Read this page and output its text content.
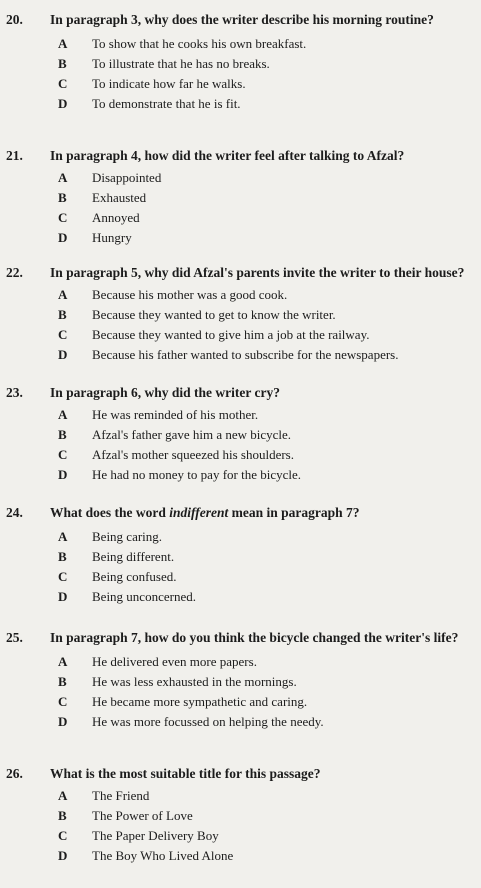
20. In paragraph 3, why does the writer describe his morning routine?
A To show that he cooks his own breakfast.
B To illustrate that he has no breaks.
C To indicate how far he walks.
D To demonstrate that he is fit.
21. In paragraph 4, how did the writer feel after talking to Afzal?
A Disappointed
B Exhausted
C Annoyed
D Hungry
22. In paragraph 5, why did Afzal's parents invite the writer to their house?
A Because his mother was a good cook.
B Because they wanted to get to know the writer.
C Because they wanted to give him a job at the railway.
D Because his father wanted to subscribe for the newspapers.
23. In paragraph 6, why did the writer cry?
A He was reminded of his mother.
B Afzal's father gave him a new bicycle.
C Afzal's mother squeezed his shoulders.
D He had no money to pay for the bicycle.
24. What does the word indifferent mean in paragraph 7?
A Being caring.
B Being different.
C Being confused.
D Being unconcerned.
25. In paragraph 7, how do you think the bicycle changed the writer's life?
A He delivered even more papers.
B He was less exhausted in the mornings.
C He became more sympathetic and caring.
D He was more focussed on helping the needy.
26. What is the most suitable title for this passage?
A The Friend
B The Power of Love
C The Paper Delivery Boy
D The Boy Who Lived Alone
